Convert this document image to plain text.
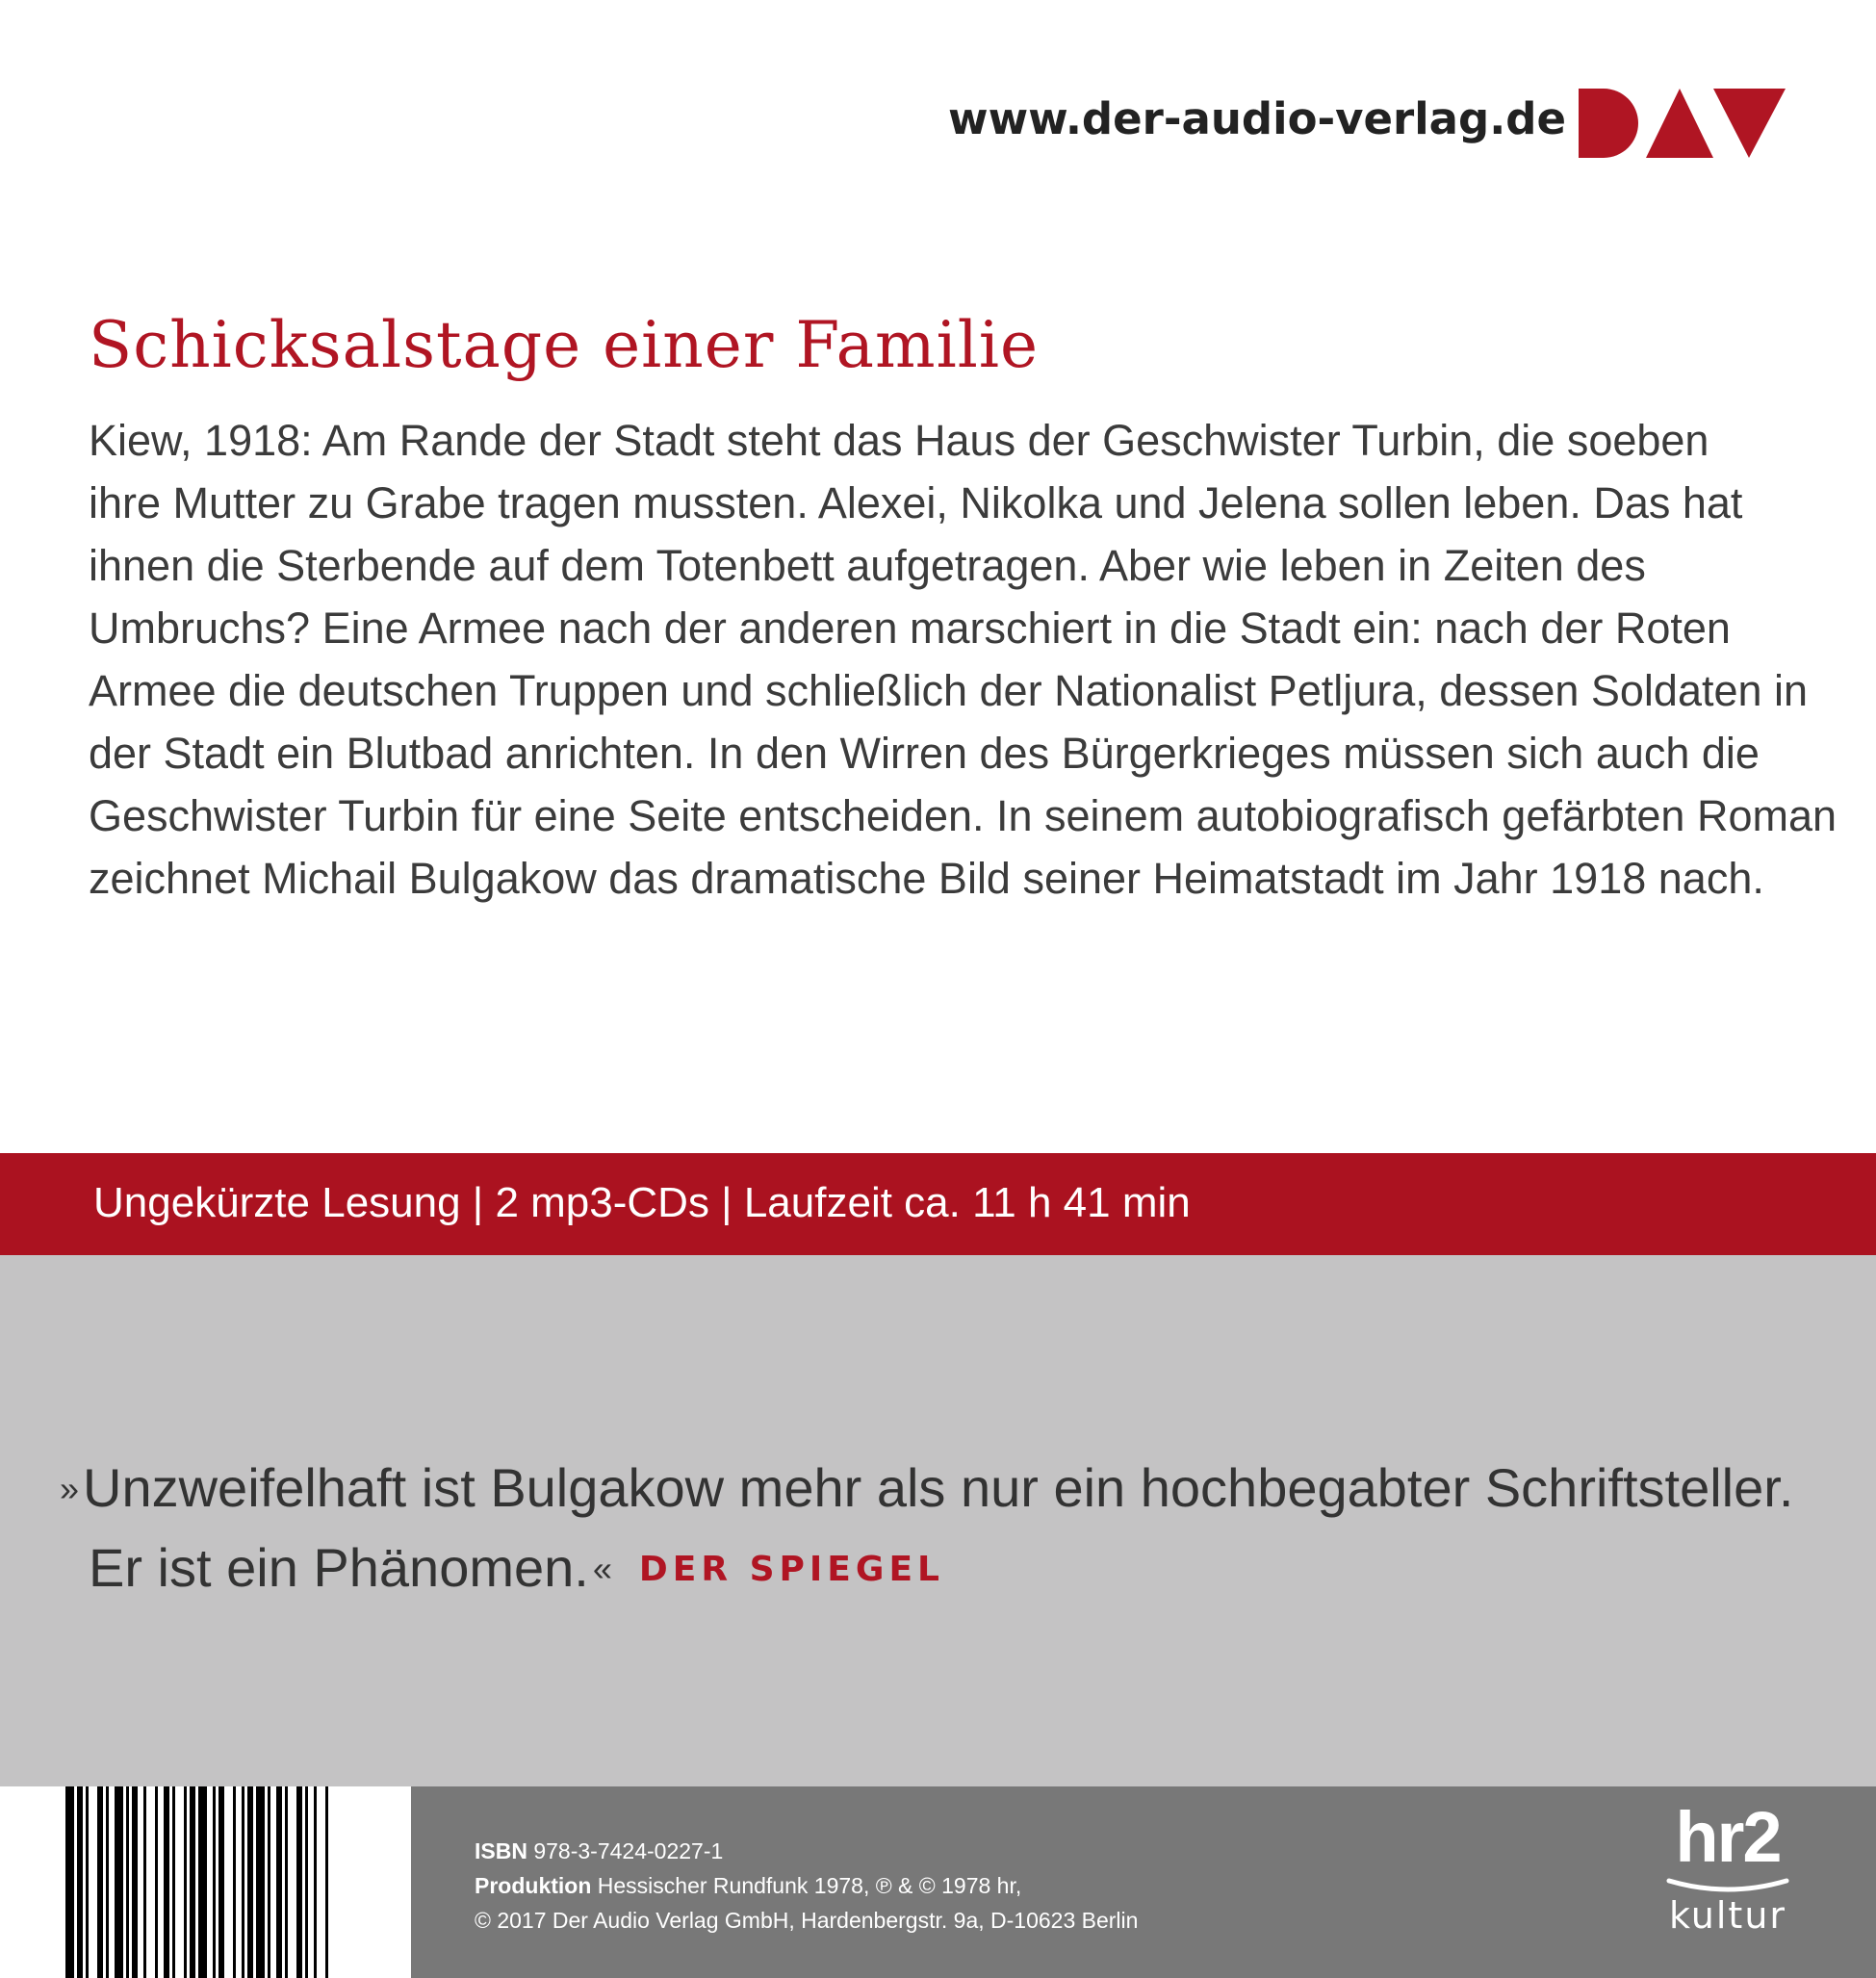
www.der-audio-verlag.de
Schicksalstage einer Familie
Kiew, 1918: Am Rande der Stadt steht das Haus der Geschwister Turbin, die soeben
ihre Mutter zu Grabe tragen mussten. Alexei, Nikolka und Jelena sollen leben. Das hat
ihnen die Sterbende auf dem Totenbett aufgetragen. Aber wie leben in Zeiten des
Umbruchs? Eine Armee nach der anderen marschiert in die Stadt ein: nach der Roten
Armee die deutschen Truppen und schließlich der Nationalist Petljura, dessen Soldaten in
der Stadt ein Blutbad anrichten. In den Wirren des Bürgerkrieges müssen sich auch die
Geschwister Turbin für eine Seite entscheiden. In seinem autobiografisch gefärbten Roman
zeichnet Michail Bulgakow das dramatische Bild seiner Heimatstadt im Jahr 1918 nach.
Ungekürzte Lesung | 2 mp3-CDs | Laufzeit ca. 11 h 41 min
»Unzweifelhaft ist Bulgakow mehr als nur ein hochbegabter Schriftsteller.
Er ist ein Phänomen. « DER SPIEGEL
ISBN 978-3-7424-0227-1
Produktion Hessischer Rundfunk 1978, ℗ & © 1978 hr,
© 2017 Der Audio Verlag GmbH, Hardenbergstr. 9a, D-10623 Berlin
hr2
kultur
